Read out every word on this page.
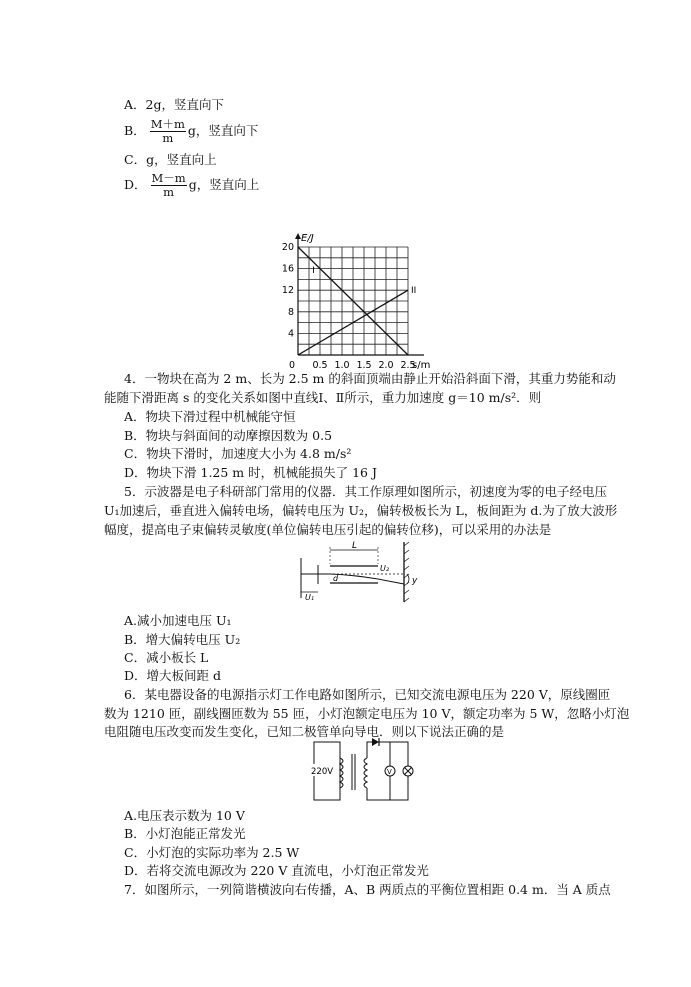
A．2g，竖直向下
B． $\frac{M+m}{m}$ g，竖直向下
C．g，竖直向上
D． $\frac{M-m}{m}$ g，竖直向上
I
II
4
8
12
16
20
0 0.5 1.0 1.5 2.0 2.5
E/J
s/m
4．一物块在高为 2 m、长为 2.5 m 的斜面顶端由静止开始沿斜面下滑，其重力势能和动
能随下滑距离 s 的变化关系如图中直线Ⅰ、Ⅱ所示，重力加速度 g＝10 m/s²．则
A．物块下滑过程中机械能守恒
B．物块与斜面间的动摩擦因数为 0.5
C．物块下滑时，加速度大小为 4.8 m/s²
D．物块下滑 1.25 m 时，机械能损失了 16 J
5．示波器是电子科研部门常用的仪器．其工作原理如图所示，初速度为零的电子经电压
U₁加速后，垂直进入偏转电场，偏转电压为 U₂，偏转极板长为 L，板间距为 d.为了放大波形
幅度，提高电子束偏转灵敏度(单位偏转电压引起的偏转位移)，可以采用的办法是
L
U₂
d
U₁
y
A.减小加速电压 U₁
B．增大偏转电压 U₂
C．减小板长 L
D．增大板间距 d
6．某电器设备的电源指示灯工作电路如图所示，已知交流电源电压为 220 V，原线圈匝
数为 1210 匝，副线圈匝数为 55 匝，小灯泡额定电压为 10 V，额定功率为 5 W，忽略小灯泡
电阻随电压改变而发生变化，已知二极管单向导电．则以下说法正确的是
220V	V
A.电压表示数为 10 V
B．小灯泡能正常发光
C．小灯泡的实际功率为 2.5 W
D．若将交流电源改为 220 V 直流电，小灯泡正常发光
7．如图所示，一列简谐横波向右传播，A、B 两质点的平衡位置相距 0.4 m．当 A 质点
